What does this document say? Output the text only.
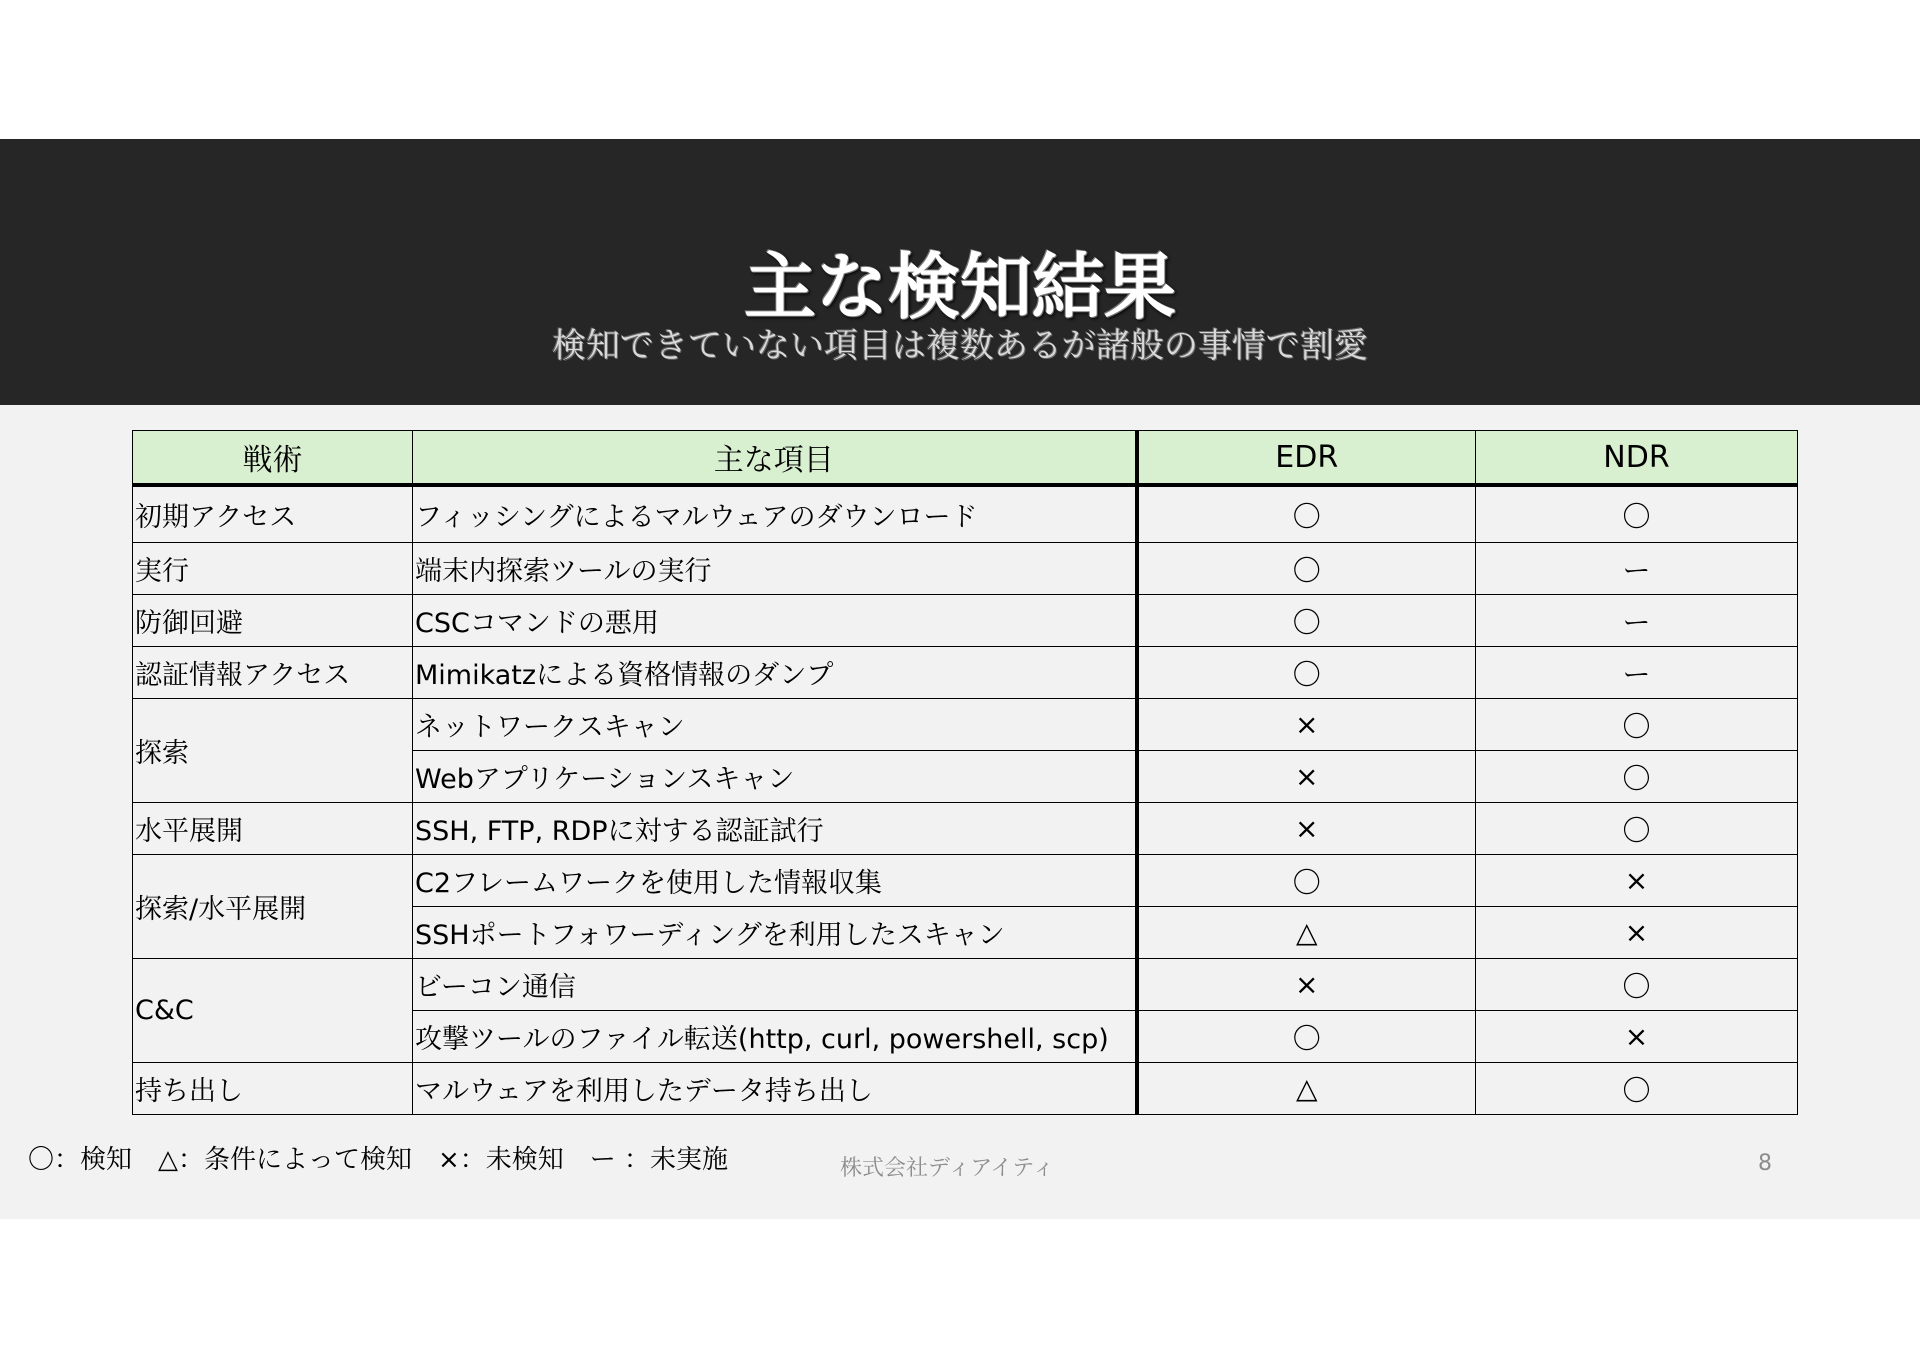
主な検知結果
検知できていない項目は複数あるが諸般の事情で割愛
戦術	主な項目	EDR	NDR
初期アクセス	フィッシングによるマルウェアのダウンロード	〇	〇
実行	端末内探索ツールの実行	〇	ー
防御回避	CSCコマンドの悪用	〇	ー
認証情報アクセス	Mimikatzによる資格情報のダンプ	〇	ー
探索	ネットワークスキャン	×	〇
	Webアプリケーションスキャン	×	〇
水平展開	SSH, FTP, RDPに対する認証試行	×	〇
探索/水平展開	C2フレームワークを使用した情報収集	〇	×
	SSHポートフォワーディングを利用したスキャン	△	×
C&C	ビーコン通信	×	〇
	攻撃ツールのファイル転送(http, curl, powershell, scp)	〇	×
持ち出し	マルウェアを利用したデータ持ち出し	△	〇
〇：検知　△：条件によって検知　×：未検知　ー ：未実施	株式会社ディアイティ	8
